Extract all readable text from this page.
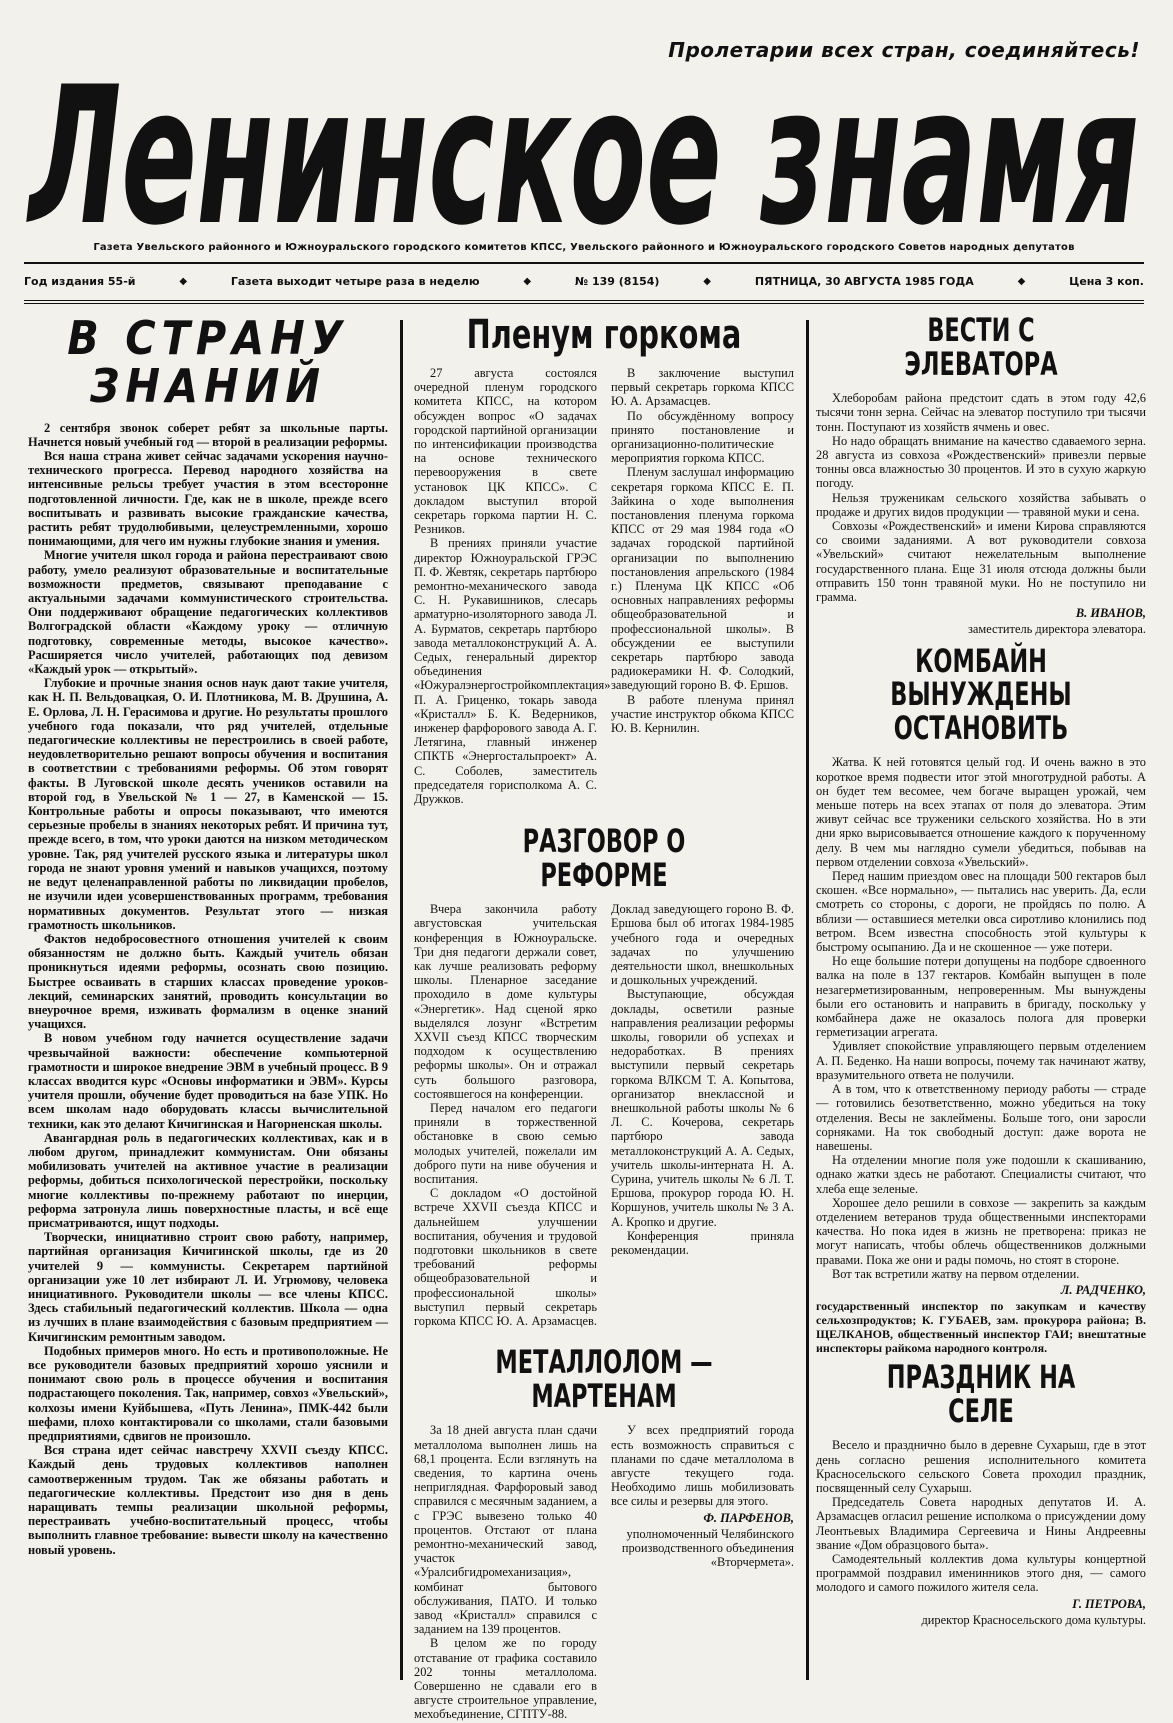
Пролетарии всех стран, соединяйтесь!
Ленинское знамя
Газета Увельского районного и Южноуральского городского комитетов КПСС, Увельского районного и Южноуральского городского Советов народных депутатов
Год издания 55-й	◆	Газета выходит четыре раза в неделю	◆	№ 139 (8154)	◆	ПЯТНИЦА, 30 АВГУСТА 1985 ГОДА	◆	Цена 3 коп.
В СТРАНУ
ЗНАНИЙ

2 сентября звонок соберет ребят за школьные парты. Начнется новый учебный год — второй в реализации реформы.

Вся наша страна живет сейчас задачами ускорения научно-технического прогресса. Перевод народного хозяйства на интенсивные рельсы требует участия в этом всесторонне подготовленной личности. Где, как не в школе, прежде всего воспитывать и развивать высокие гражданские качества, растить ребят трудолюбивыми, целеустремленными, хорошо понимающими, для чего им нужны глубокие знания и умения.

Многие учителя школ города и района перестраивают свою работу, умело реализуют образовательные и воспитательные возможности предметов, связывают преподавание с актуальными задачами коммунистического строительства. Они поддерживают обращение педагогических коллективов Волгоградской области «Каждому уроку — отличную подготовку, современные методы, высокое качество». Расширяется число учителей, работающих под девизом «Каждый урок — открытый».

Глубокие и прочные знания основ наук дают такие учителя, как Н. П. Вельдовацкая, О. И. Плотникова, М. В. Друшина, А. Е. Орлова, Л. Н. Герасимова и другие. Но результаты прошлого учебного года показали, что ряд учителей, отдельные педагогические коллективы не перестроились в своей работе, неудовлетворительно решают вопросы обучения и воспитания в соответствии с требованиями реформы. Об этом говорят факты. В Луговской школе десять учеников оставили на второй год, в Увельской № 1 — 27, в Каменской — 15. Контрольные работы и опросы показывают, что имеются серьезные пробелы в знаниях некоторых ребят. И причина тут, прежде всего, в том, что уроки даются на низком методическом уровне. Так, ряд учителей русского языка и литературы школ города не знают уровня умений и навыков учащихся, поэтому не ведут целенаправленной работы по ликвидации пробелов, не изучили идеи усовершенствованных программ, требования нормативных документов. Результат этого — низкая грамотность школьников.

Фактов недобросовестного отношения учителей к своим обязанностям не должно быть. Каждый учитель обязан проникнуться идеями реформы, осознать свою позицию. Быстрее осваивать в старших классах проведение уроков-лекций, семинарских занятий, проводить консультации во внеурочное время, изживать формализм в оценке знаний учащихся.

В новом учебном году начнется осуществление задачи чрезвычайной важности: обеспечение компьютерной грамотности и широкое внедрение ЭВМ в учебный процесс. В 9 классах вводится курс «Основы информатики и ЭВМ». Курсы учителя прошли, обучение будет проводиться на базе УПК. Но всем школам надо оборудовать классы вычислительной техники, как это делают Кичигинская и Нагорненская школы.

Авангардная роль в педагогических коллективах, как и в любом другом, принадлежит коммунистам. Они обязаны мобилизовать учителей на активное участие в реализации реформы, добиться психологической перестройки, поскольку многие коллективы по-прежнему работают по инерции, реформа затронула лишь поверхностные пласты, и всё еще присматриваются, ищут подходы.

Творчески, инициативно строит свою работу, например, партийная организация Кичигинской школы, где из 20 учителей 9 — коммунисты. Секретарем партийной организации уже 10 лет избирают Л. И. Угрюмову, человека инициативного. Руководители школы — все члены КПСС. Здесь стабильный педагогический коллектив. Школа — одна из лучших в плане взаимодействия с базовым предприятием — Кичигинским ремонтным заводом.

Подобных примеров много. Но есть и противоположные. Не все руководители базовых предприятий хорошо уяснили и понимают свою роль в процессе обучения и воспитания подрастающего поколения. Так, например, совхоз «Увельский», колхозы имени Куйбышева, «Путь Ленина», ПМК-442 были шефами, плохо контактировали со школами, стали базовыми предприятиями, сдвигов не произошло.

Вся страна идет сейчас навстречу XXVII съезду КПСС. Каждый день трудовых коллективов наполнен самоотверженным трудом. Так же обязаны работать и педагогические коллективы. Предстоит изо дня в день наращивать темпы реализации школьной реформы, перестраивать учебно-воспитательный процесс, чтобы выполнить главное требование: вывести школу на качественно новый уровень.

Пленум горкома

27 августа состоялся очередной пленум городского комитета КПСС, на котором обсужден вопрос «О задачах городской партийной организации по интенсификации производства на основе технического перевооружения в свете установок ЦК КПСС». С докладом выступил второй секретарь горкома партии Н. С. Резников.

В прениях приняли участие директор Южноуральской ГРЭС П. Ф. Жевтяк, секретарь партбюро ремонтно-механического завода С. Н. Рукавишников, слесарь арматурно-изоляторного завода Л. А. Бурматов, секретарь партбюро завода металлоконструкций А. А. Седых, генеральный директор объединения «Южуралэнергостройкомплектация» П. А. Гриценко, токарь завода «Кристалл» Б. К. Ведерников, инженер фарфорового завода А. Г. Летягина, главный инженер СПКТБ «Энергостальпроект» А. С. Соболев, заместитель председателя горисполкома А. С. Дружков.

В заключение выступил первый секретарь горкома КПСС Ю. А. Арзамасцев.

По обсуждённому вопросу принято постановление и организационно-политические мероприятия горкома КПСС.

Пленум заслушал информацию секретаря горкома КПСС Е. П. Зайкина о ходе выполнения постановления пленума горкома КПСС от 29 мая 1984 года «О задачах городской партийной организации по выполнению постановления апрельского (1984 г.) Пленума ЦК КПСС «Об основных направлениях реформы общеобразовательной и профессиональной школы». В обсуждении ее выступили секретарь партбюро завода радиокерамики Н. Ф. Солодкий, заведующий гороно В. Ф. Ершов.

В работе пленума принял участие инструктор обкома КПСС Ю. В. Кернилин.

РАЗГОВОР О РЕФОРМЕ

Вчера закончила работу августовская учительская конференция в Южноуральске. Три дня педагоги держали совет, как лучше реализовать реформу школы. Пленарное заседание проходило в доме культуры «Энергетик». Над сценой ярко выделялся лозунг «Встретим XXVII съезд КПСС творческим подходом к осуществлению реформы школы». Он и отражал суть большого разговора, состоявшегося на конференции.

Перед началом его педагоги приняли в торжественной обстановке в свою семью молодых учителей, пожелали им доброго пути на ниве обучения и воспитания.

С докладом «О достойной встрече XXVII съезда КПСС и дальнейшем улучшении воспитания, обучения и трудовой подготовки школьников в свете требований реформы общеобразовательной и профессиональной школы» выступил первый секретарь горкома КПСС Ю. А. Арзамасцев. Доклад заведующего гороно В. Ф. Ершова был об итогах 1984-1985 учебного года и очередных задачах по улучшению деятельности школ, внешкольных и дошкольных учреждений.

Выступающие, обсуждая доклады, осветили разные направления реализации реформы школы, говорили об успехах и недоработках. В прениях выступили первый секретарь горкома ВЛКСМ Т. А. Копытова, организатор внеклассной и внешкольной работы школы № 6 Л. С. Кочерова, секретарь партбюро завода металлоконструкций А. А. Седых, учитель школы-интерната Н. А. Сурина, учитель школы № 6 Л. Т. Ершова, прокурор города Ю. Н. Коршунов, учитель школы № 3 А. А. Кропко и другие.

Конференция приняла рекомендации.

МЕТАЛЛОЛОМ — МАРТЕНАМ

За 18 дней августа план сдачи металлолома выполнен лишь на 68,1 процента. Если взглянуть на сведения, то картина очень неприглядная. Фарфоровый завод справился с месячным заданием, а с ГРЭС вывезено только 40 процентов. Отстают от плана ремонтно-механический завод, участок «Уралсибгидромеханизация», комбинат бытового обслуживания, ПАТО. И только завод «Кристалл» справился с заданием на 139 процентов.

В целом же по городу отставание от графика составило 202 тонны металлолома. Совершенно не сдавали его в августе строительное управление, мехобъединение, СГПТУ-88.

У всех предприятий города есть возможность справиться с планами по сдаче металлолома в августе текущего года. Необходимо лишь мобилизовать все силы и резервы для этого.

Ф. ПАРФЕНОВ,
уполномоченный Челябинского производственного объединения «Вторчермета».
ВЕСТИ С ЭЛЕВАТОРА

Хлеборобам района предстоит сдать в этом году 42,6 тысячи тонн зерна. Сейчас на элеватор поступило три тысячи тонн. Поступают из хозяйств ячмень и овес.

Но надо обращать внимание на качество сдаваемого зерна. 28 августа из совхоза «Рождественский» привезли первые тонны овса влажностью 30 процентов. И это в сухую жаркую погоду.

Нельзя труженикам сельского хозяйства забывать о продаже и других видов продукции — травяной муки и сена.

Совхозы «Рождественский» и имени Кирова справляются со своими заданиями. А вот руководители совхоза «Увельский» считают нежелательным выполнение государственного плана. Еще 31 июля отсюда должны были отправить 150 тонн травяной муки. Но не поступило ни грамма.

В. ИВАНОВ,
заместитель директора элеватора.
КОМБАЙН ВЫНУЖДЕНЫ
ОСТАНОВИТЬ

Жатва. К ней готовятся целый год. И очень важно в это короткое время подвести итог этой многотрудной работы. А он будет тем весомее, чем богаче выращен урожай, чем меньше потерь на всех этапах от поля до элеватора. Этим живут сейчас все труженики сельского хозяйства. Но в эти дни ярко вырисовывается отношение каждого к порученному делу. В чем мы наглядно сумели убедиться, побывав на первом отделении совхоза «Увельский».

Перед нашим приездом овес на площади 500 гектаров был скошен. «Все нормально», — пытались нас уверить. Да, если смотреть со стороны, с дороги, не пройдясь по полю. А вблизи — оставшиеся метелки овса сиротливо клонились под ветром. Всем известна способность этой культуры к быстрому осыпанию. Да и не скошенное — уже потери.

Но еще большие потери допущены на подборе сдвоенного валка на поле в 137 гектаров. Комбайн выпущен в поле незагерметизированным, непроверенным. Мы вынуждены были его остановить и направить в бригаду, поскольку у комбайнера даже не оказалось полога для проверки герметизации агрегата.

Удивляет спокойствие управляющего первым отделением А. П. Беденко. На наши вопросы, почему так начинают жатву, вразумительного ответа не получили.

А в том, что к ответственному периоду работы — страде — готовились безответственно, можно убедиться на току отделения. Весы не заклеймены. Больше того, они заросли сорняками. На ток свободный доступ: даже ворота не навешены.

На отделении многие поля уже подошли к скашиванию, однако жатки здесь не работают. Специалисты считают, что хлеба еще зеленые.

Хорошее дело решили в совхозе — закрепить за каждым отделением ветеранов труда общественными инспекторами качества. Но пока идея в жизнь не претворена: приказ не могут написать, чтобы облечь общественников должными правами. Пока же они и рады помочь, но стоят в стороне.

Вот так встретили жатву на первом отделении.

Л. РАДЧЕНКО,
государственный инспектор по закупкам и качеству сельхозпродуктов; К. ГУБАЕВ, зам. прокурора района; В. ЩЕЛКАНОВ, общественный инспектор ГАИ; внештатные инспекторы райкома народного контроля.
ПРАЗДНИК НА СЕЛЕ

Весело и празднично было в деревне Сухарыш, где в этот день согласно решения исполнительного комитета Красносельского сельского Совета проходил праздник, посвященный селу Сухарыш.

Председатель Совета народных депутатов И. А. Арзамасцев огласил решение исполкома о присуждении дому Леонтьевых Владимира Сергеевича и Нины Андреевны звание «Дом образцового быта».

Самодеятельный коллектив дома культуры концертной программой поздравил именинников этого дня, — самого молодого и самого пожилого жителя села.

Г. ПЕТРОВА,
директор Красносельского дома культуры.
